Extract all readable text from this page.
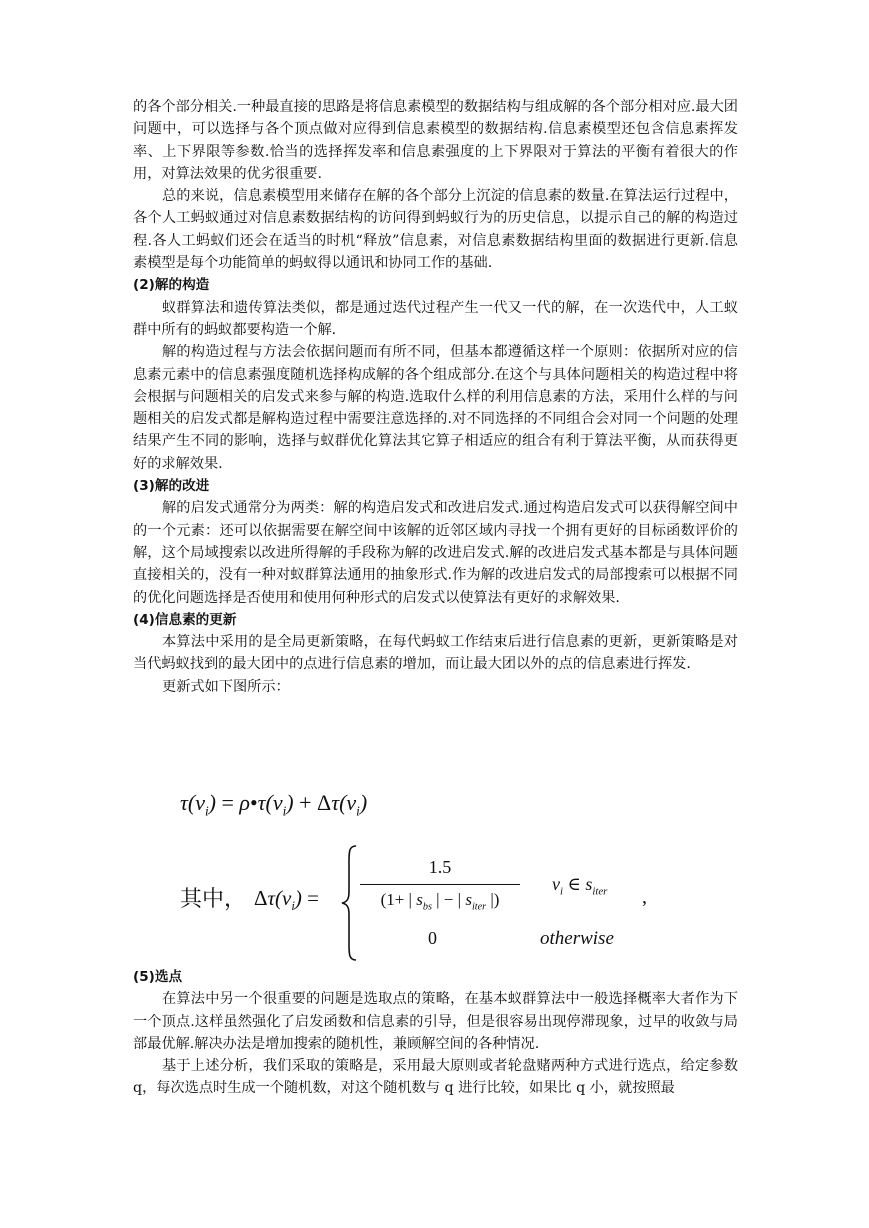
的各个部分相关.一种最直接的思路是将信息素模型的数据结构与组成解的各个部分相对应.最大团问题中，可以选择与各个顶点做对应得到信息素模型的数据结构.信息素模型还包含信息素挥发率、上下界限等参数.恰当的选择挥发率和信息素强度的上下界限对于算法的平衡有着很大的作用，对算法效果的优劣很重要.

总的来说，信息素模型用来储存在解的各个部分上沉淀的信息素的数量.在算法运行过程中，各个人工蚂蚁通过对信息素数据结构的访问得到蚂蚁行为的历史信息，以提示自己的解的构造过程.各人工蚂蚁们还会在适当的时机“释放”信息素，对信息素数据结构里面的数据进行更新.信息素模型是每个功能简单的蚂蚁得以通讯和协同工作的基础.

(2)解的构造

蚁群算法和遗传算法类似，都是通过迭代过程产生一代又一代的解，在一次迭代中，人工蚁群中所有的蚂蚁都要构造一个解.

解的构造过程与方法会依据问题而有所不同，但基本都遵循这样一个原则：依据所对应的信息素元素中的信息素强度随机选择构成解的各个组成部分.在这个与具体问题相关的构造过程中将会根据与问题相关的启发式来参与解的构造.选取什么样的利用信息素的方法，采用什么样的与问题相关的启发式都是解构造过程中需要注意选择的.对不同选择的不同组合会对同一个问题的处理结果产生不同的影响，选择与蚁群优化算法其它算子相适应的组合有利于算法平衡，从而获得更好的求解效果.

(3)解的改进

解的启发式通常分为两类：解的构造启发式和改进启发式.通过构造启发式可以获得解空间中的一个元素：还可以依据需要在解空间中该解的近邻区域内寻找一个拥有更好的目标函数评价的解，这个局域搜索以改进所得解的手段称为解的改进启发式.解的改进启发式基本都是与具体问题直接相关的，没有一种对蚁群算法通用的抽象形式.作为解的改进启发式的局部搜索可以根据不同的优化问题选择是否使用和使用何种形式的启发式以使算法有更好的求解效果.

(4)信息素的更新

本算法中采用的是全局更新策略，在每代蚂蚁工作结束后进行信息素的更新，更新策略是对当代蚂蚁找到的最大团中的点进行信息素的增加，而让最大团以外的点的信息素进行挥发.

更新式如下图所示：

$\tau(\nu_i)$ = $\rho•\tau(\nu_i) + \Delta\tau(\nu_i)$
其中， $\Delta\tau(\nu_i)$ =
1.5
(1+ | $s_{bs}$ | − | $s_{iter}$ |)
$\nu_i$ ∈ $s_{iter}$
0	otherwise
,

(5)选点

在算法中另一个很重要的问题是选取点的策略，在基本蚁群算法中一般选择概率大者作为下一个顶点.这样虽然强化了启发函数和信息素的引导，但是很容易出现停滞现象，过早的收敛与局部最优解.解决办法是增加搜索的随机性，兼顾解空间的各种情况.

基于上述分析，我们采取的策略是，采用最大原则或者轮盘赌两种方式进行选点，给定参数 q，每次选点时生成一个随机数，对这个随机数与 q 进行比较，如果比 q 小，就按照最
